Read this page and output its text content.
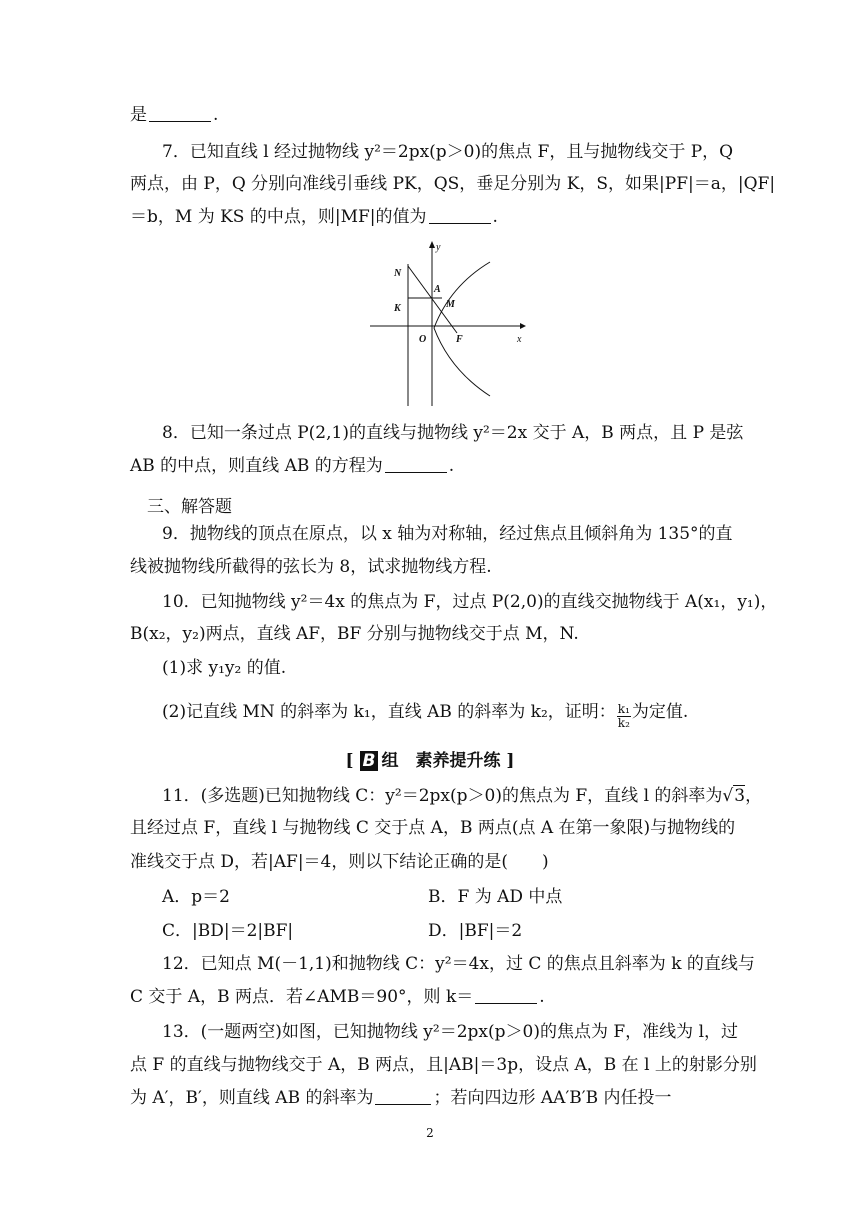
是	.
7．已知直线 l 经过抛物线 y²＝2px(p＞0)的焦点 F，且与抛物线交于 P，Q
两点，由 P，Q 分别向准线引垂线 PK，QS，垂足分别为 K，S，如果|PF|＝a，|QF|
＝b，M 为 KS 的中点，则|MF|的值为	.
y
x
N
A
K	M
O	F
8．已知一条过点 P(2,1)的直线与抛物线 y²＝2x 交于 A，B 两点，且 P 是弦
AB 的中点，则直线 AB 的方程为	.
三、解答题
9．抛物线的顶点在原点，以 x 轴为对称轴，经过焦点且倾斜角为 135°的直
线被抛物线所截得的弦长为 8，试求抛物线方程.
10．已知抛物线 y²＝4x 的焦点为 F，过点 P(2,0)的直线交抛物线于 A(x₁，y₁)，
B(x₂，y₂)两点，直线 AF，BF 分别与抛物线交于点 M，N.
(1)求 y₁y₂ 的值.
(2)记直线 MN 的斜率为 k₁，直线 AB 的斜率为 k₂，证明： $\frac{\text{k₁}}{\text{k₂}}$ 为定值.
[ B 组　素养提升练 ]
11．(多选题)已知抛物线 C：y²＝2px(p＞0)的焦点为 F，直线 l 的斜率为√3，
且经过点 F，直线 l 与抛物线 C 交于点 A，B 两点(点 A 在第一象限)与抛物线的
准线交于点 D，若|AF|＝4，则以下结论正确的是(　　)
A．p＝2	B．F 为 AD 中点
C．|BD|＝2|BF|	D．|BF|＝2
12．已知点 M(－1,1)和抛物线 C：y²＝4x，过 C 的焦点且斜率为 k 的直线与
C 交于 A，B 两点．若∠AMB＝90°，则 k＝	.
13．(一题两空)如图，已知抛物线 y²＝2px(p＞0)的焦点为 F，准线为 l，过
点 F 的直线与抛物线交于 A，B 两点，且|AB|＝3p，设点 A，B 在 l 上的射影分别
为 A′，B′，则直线 AB 的斜率为	；若向四边形 AA′B′B 内任投一
2
